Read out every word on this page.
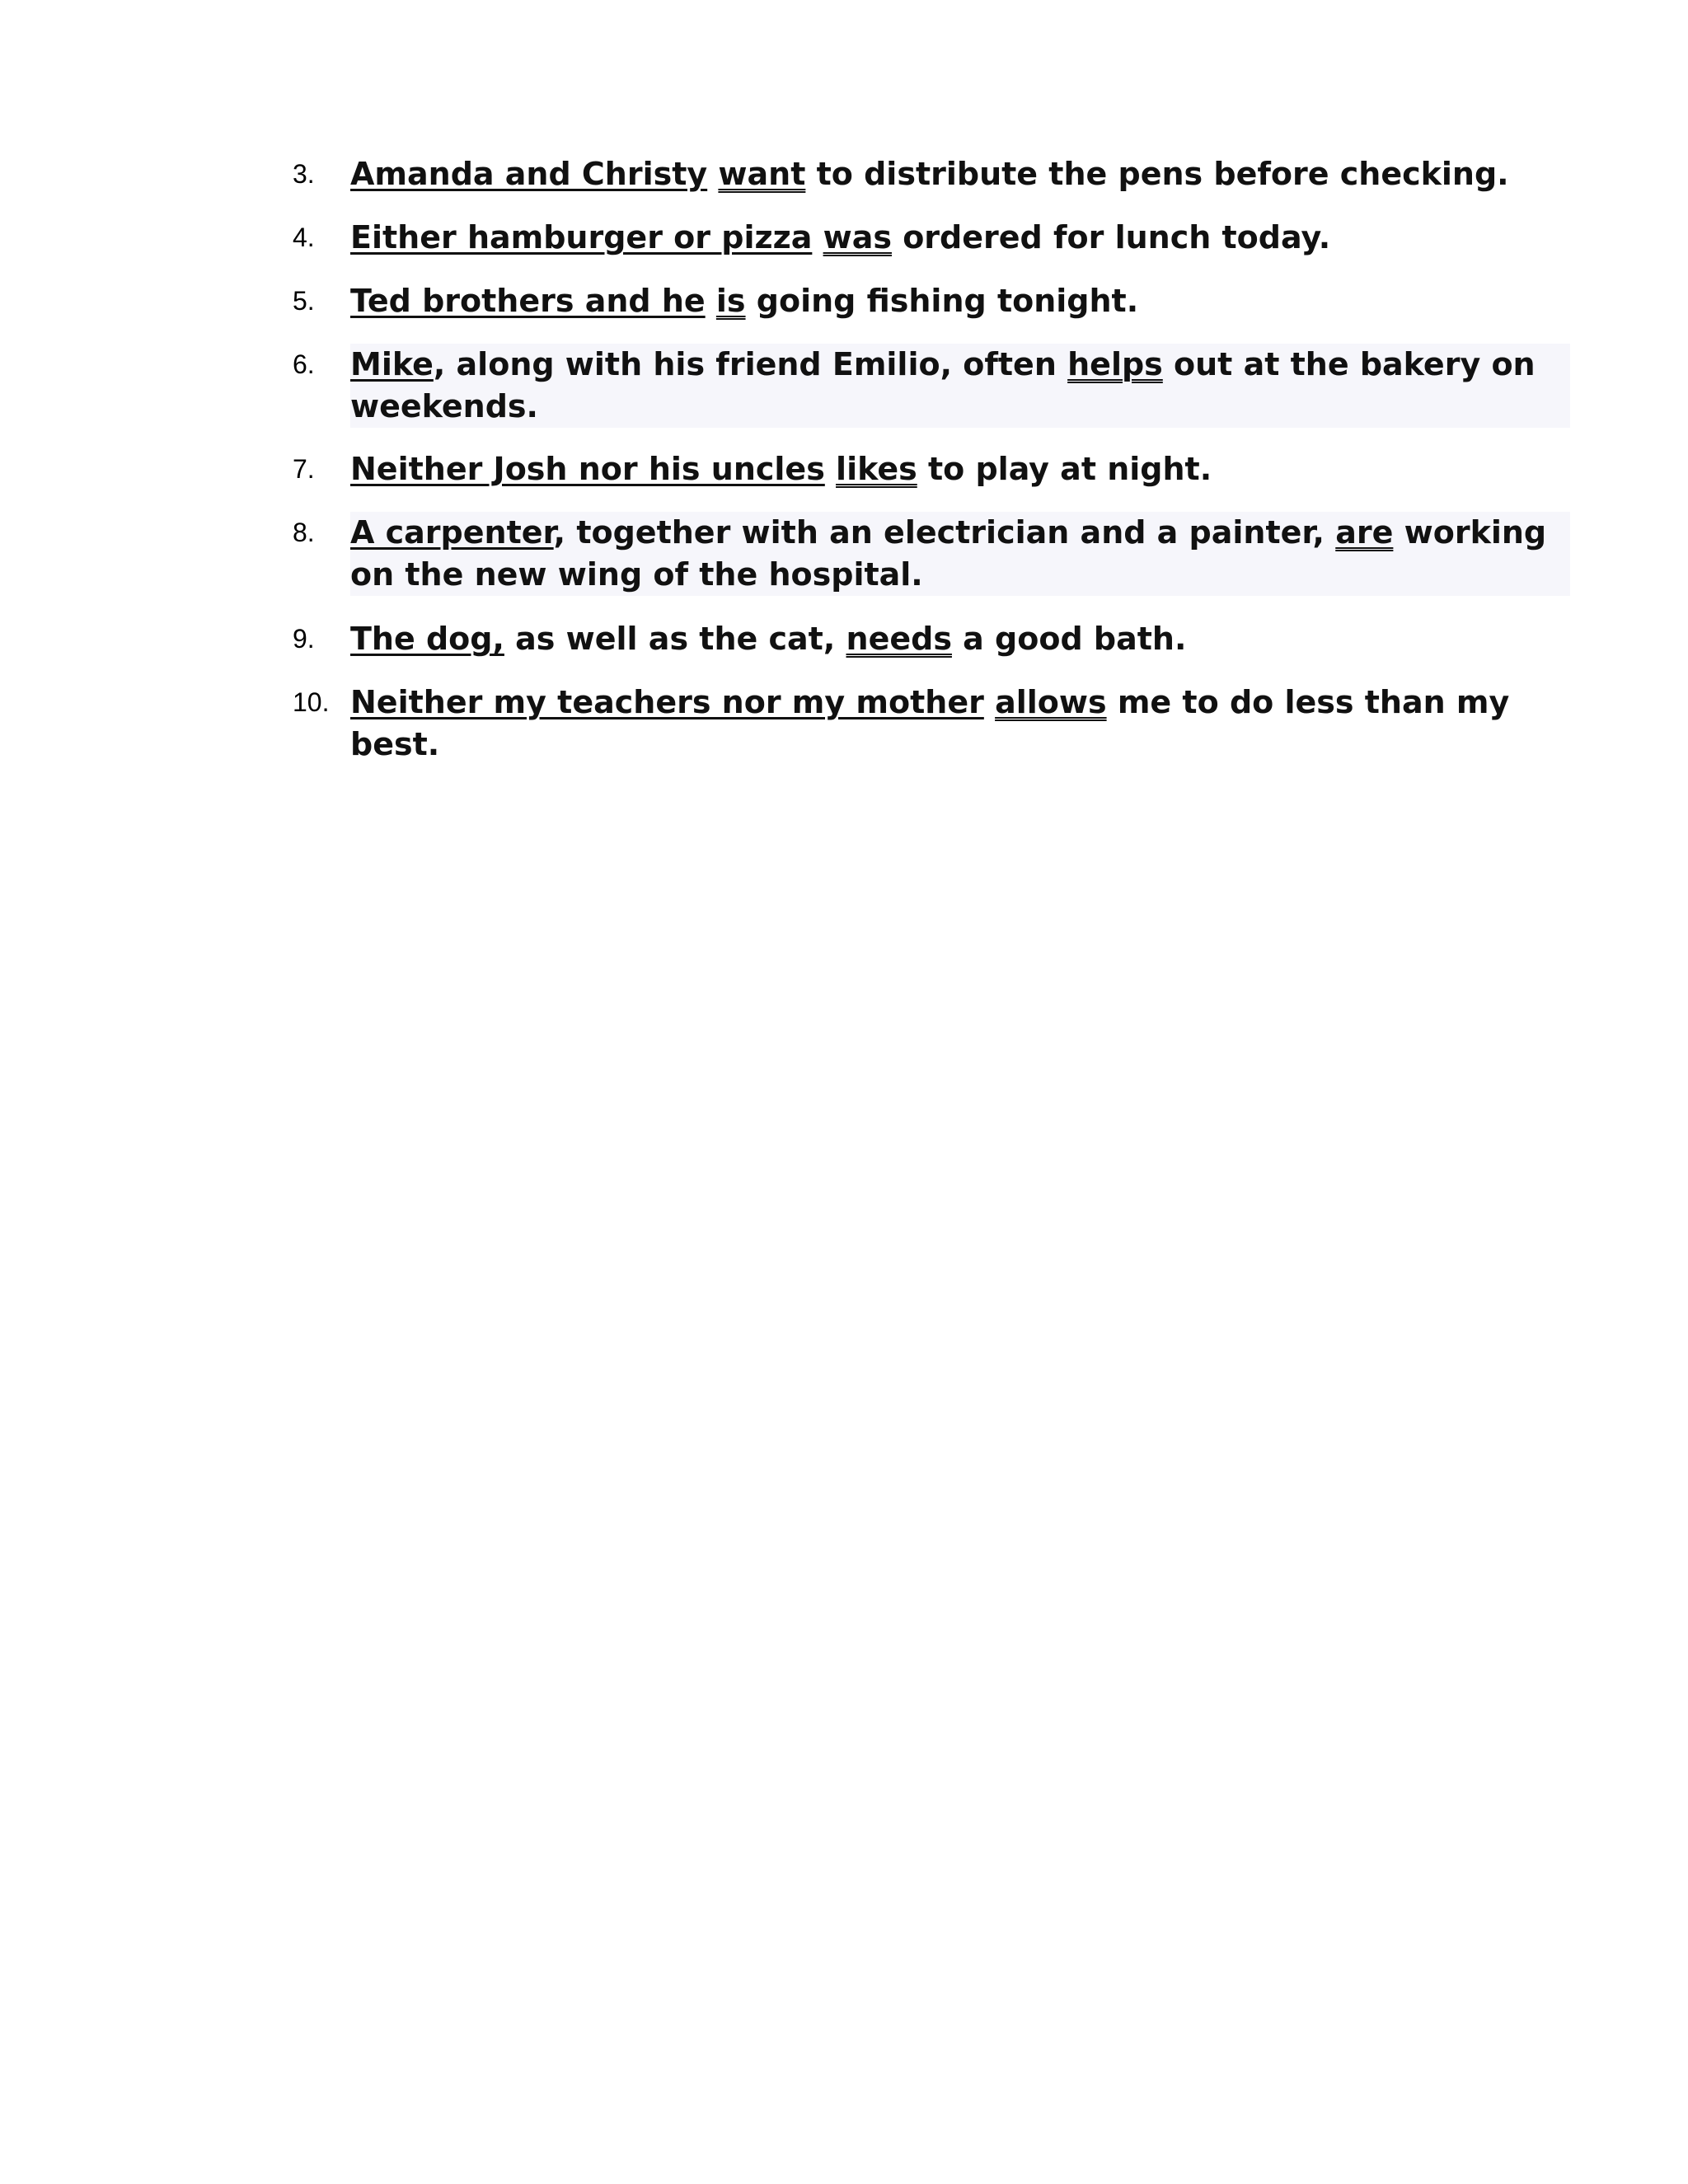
3.	Amanda and Christy want to distribute the pens before checking.
4.	Either hamburger or pizza was ordered for lunch today.
5.	Ted brothers and he is going fishing tonight.
6.	Mike, along with his friend Emilio, often helps out at the bakery on weekends.
7.	Neither Josh nor his uncles likes to play at night.
8.	A carpenter, together with an electrician and a painter, are working on the new wing of the hospital.
9.	The dog, as well as the cat, needs a good bath.
10. Neither my teachers nor my mother allows me to do less than my best.
